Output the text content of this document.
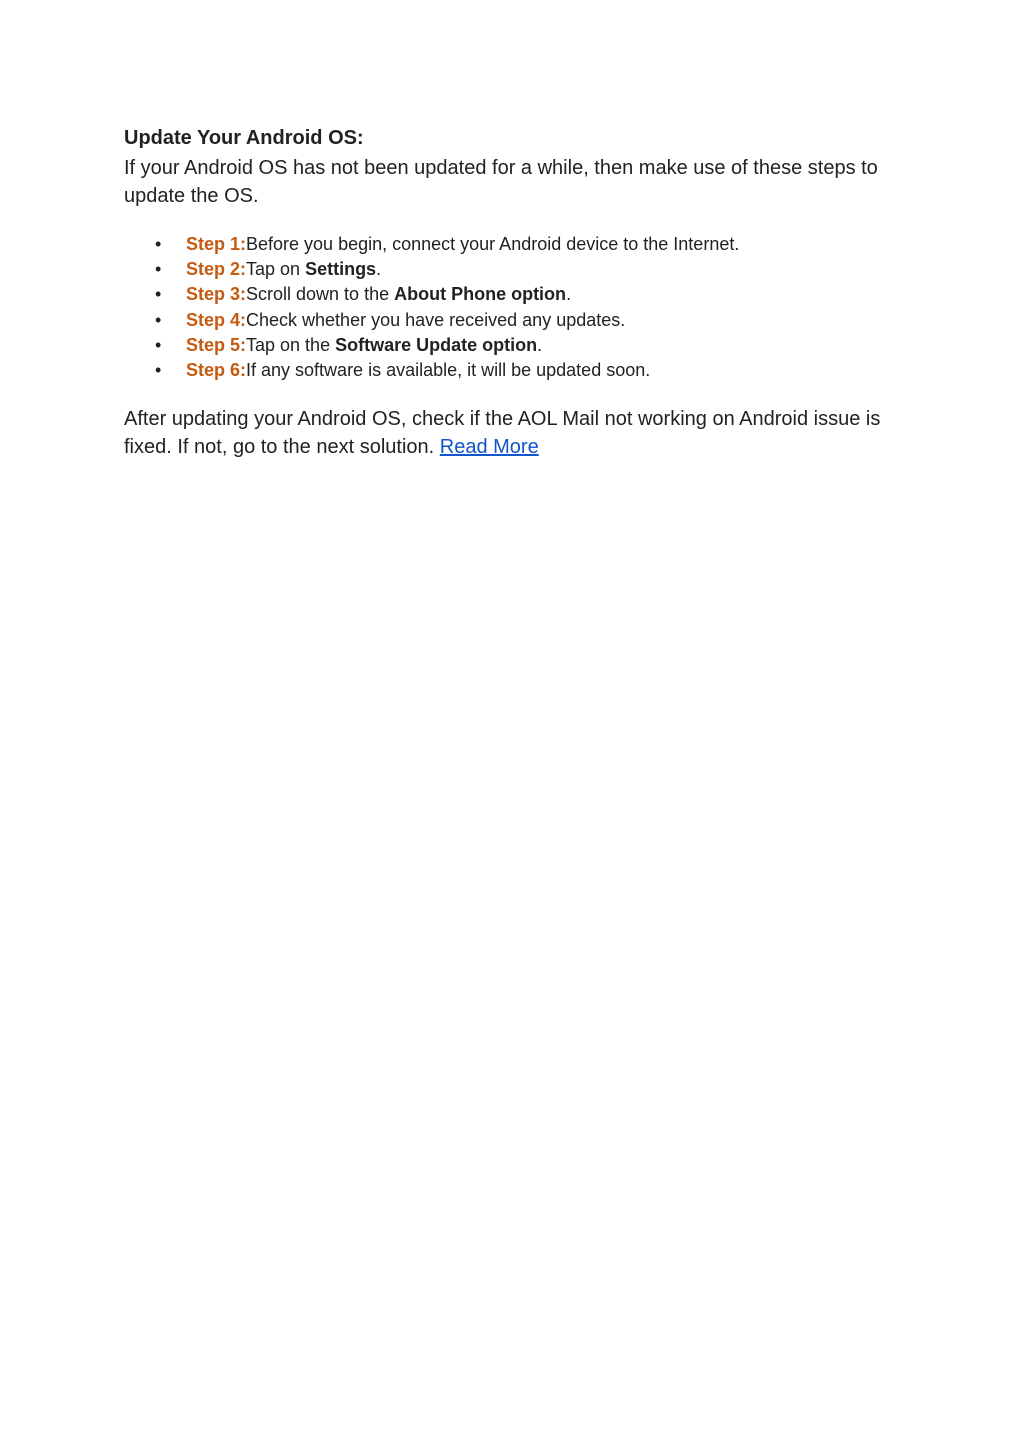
Update Your Android OS:

If your Android OS has not been updated for a while, then make use of these steps to update the OS.

• Step 1:Before you begin, connect your Android device to the Internet.
• Step 2:Tap on Settings.
• Step 3:Scroll down to the About Phone option.
• Step 4:Check whether you have received any updates.
• Step 5:Tap on the Software Update option.
• Step 6:If any software is available, it will be updated soon.

After updating your Android OS, check if the AOL Mail not working on Android issue is fixed. If not, go to the next solution. Read More
